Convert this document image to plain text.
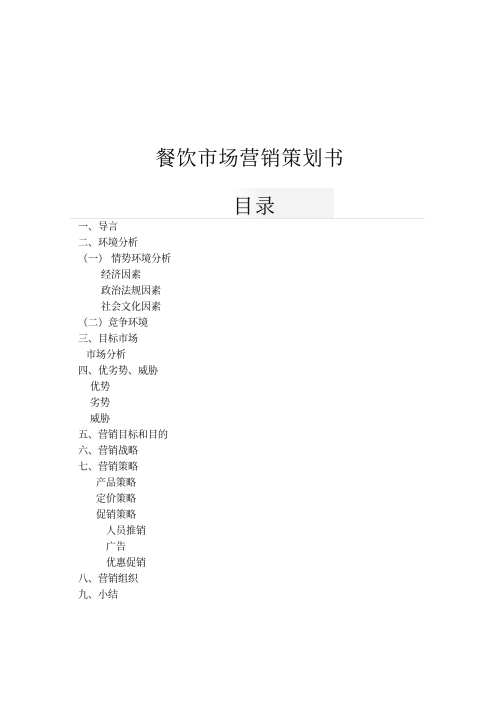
餐饮市场营销策划书
目录
一、导言
二、环境分析
（一） 情势环境分析
经济因素
政治法规因素
社会文化因素
（二）竞争环境
三、目标市场
市场分析
四、优劣势、威胁
优势
劣势
威胁
五、营销目标和目的
六、营销战略
七、营销策略
产品策略
定价策略
促销策略
人员推销
广告
优惠促销
八、营销组织
九、小结
